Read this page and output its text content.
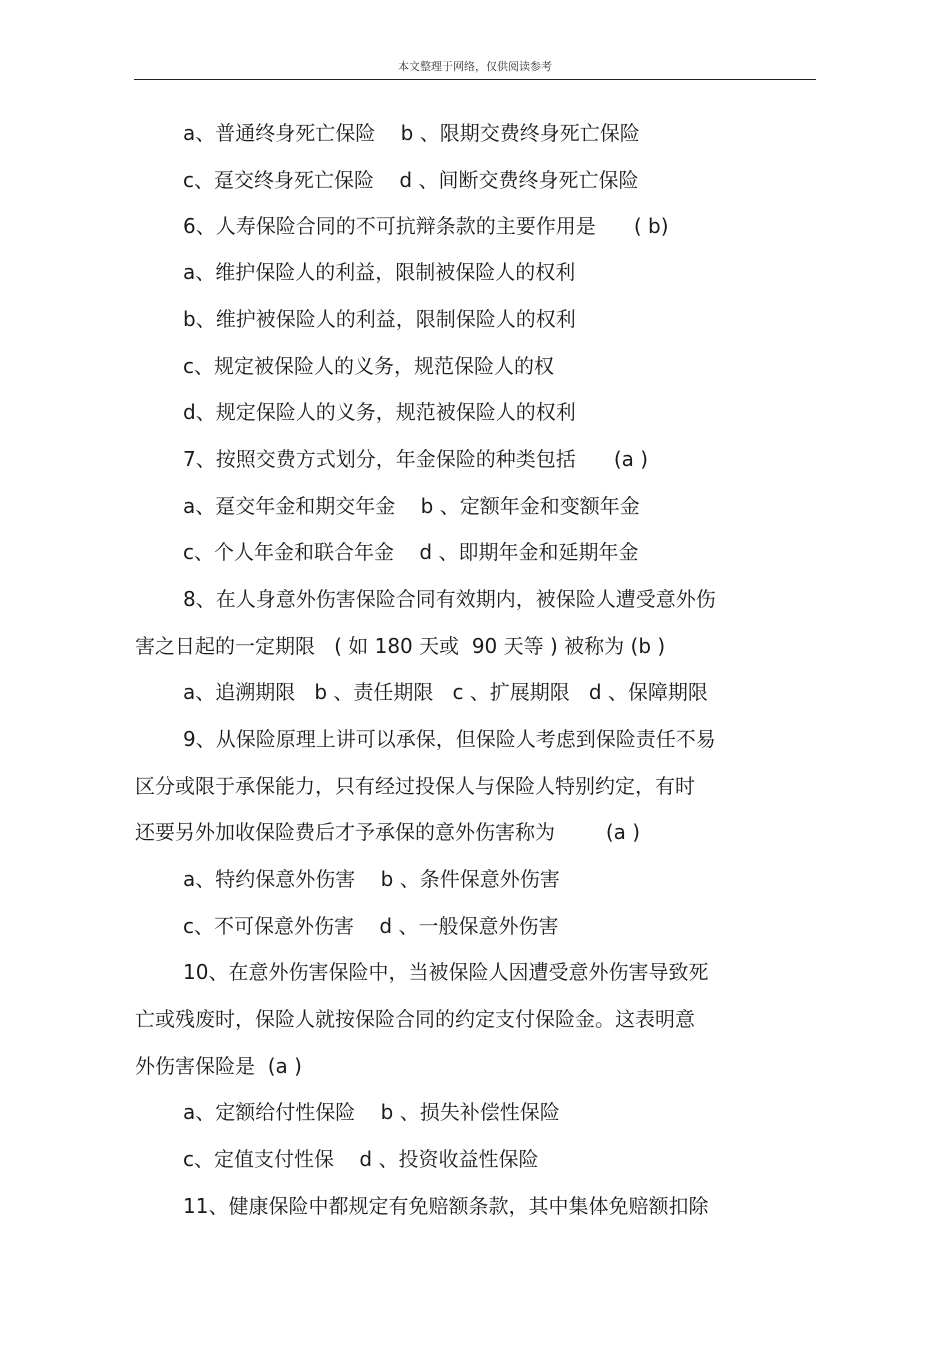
本文整理于网络，仅供阅读参考
a、普通终身死亡保险    b 、限期交费终身死亡保险
c、趸交终身死亡保险    d 、间断交费终身死亡保险
6、人寿保险合同的不可抗辩条款的主要作用是      ( b)
a、维护保险人的利益，限制被保险人的权利
b、维护被保险人的利益，限制保险人的权利
c、规定被保险人的义务，规范保险人的权
d、规定保险人的义务，规范被保险人的权利
7、按照交费方式划分，年金保险的种类包括      (a )
a、趸交年金和期交年金    b 、定额年金和变额年金
c、个人年金和联合年金    d 、即期年金和延期年金
8、在人身意外伤害保险合同有效期内，被保险人遭受意外伤
害之日起的一定期限   ( 如 180 天或  90 天等 ) 被称为 (b )
a、追溯期限   b 、责任期限   c 、扩展期限   d 、保障期限
9、从保险原理上讲可以承保，但保险人考虑到保险责任不易
区分或限于承保能力，只有经过投保人与保险人特别约定，有时
还要另外加收保险费后才予承保的意外伤害称为        (a )
a、特约保意外伤害    b 、条件保意外伤害
c、不可保意外伤害    d 、一般保意外伤害
10、在意外伤害保险中，当被保险人因遭受意外伤害导致死
亡或残废时，保险人就按保险合同的约定支付保险金。这表明意
外伤害保险是  (a )
a、定额给付性保险    b 、损失补偿性保险
c、定值支付性保    d 、投资收益性保险
11、健康保险中都规定有免赔额条款，其中集体免赔额扣除
